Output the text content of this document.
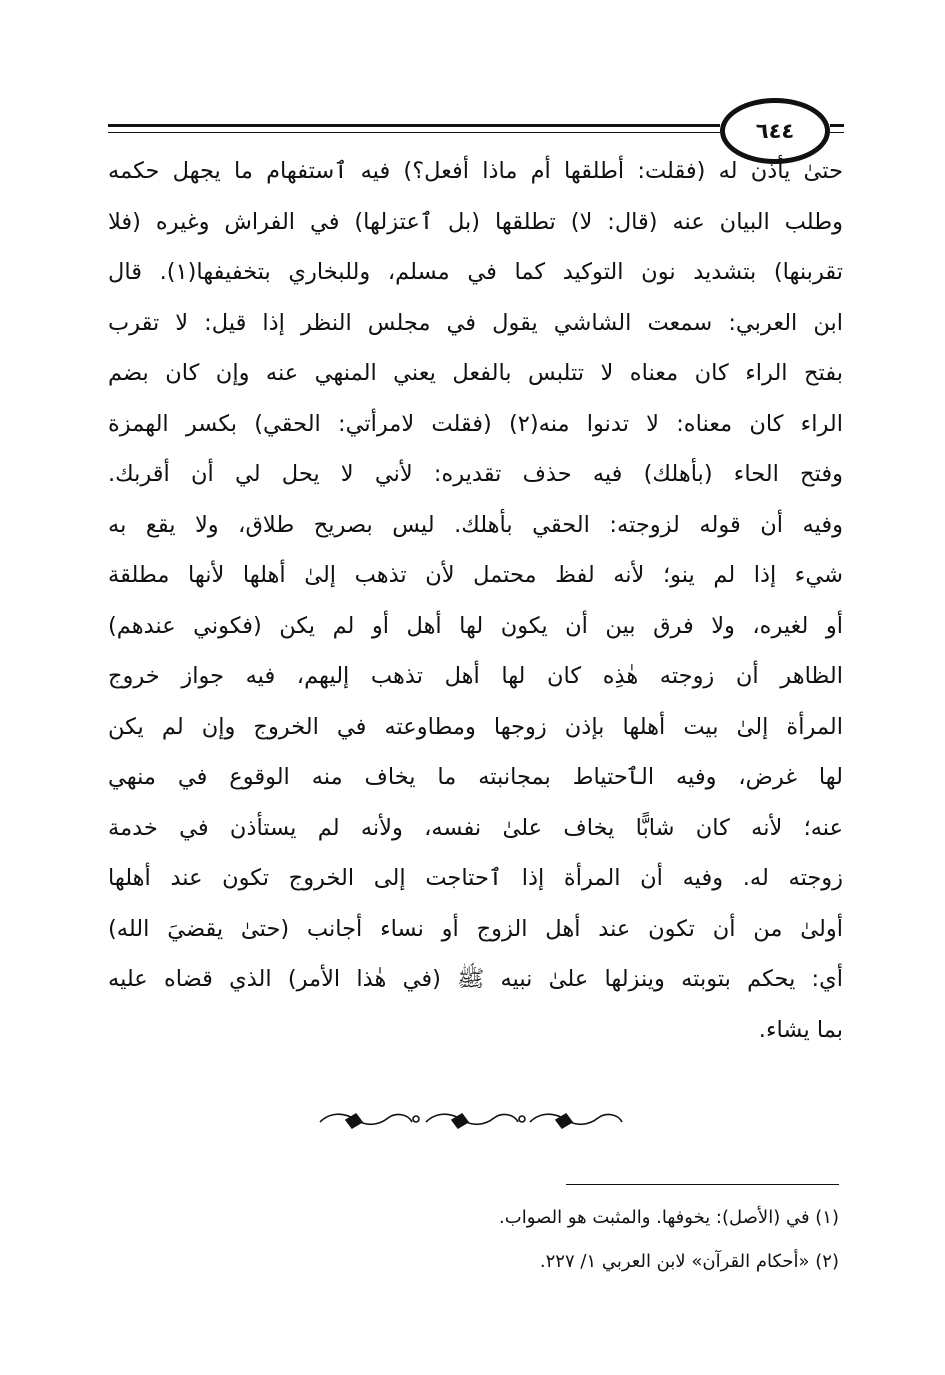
٦٤٤
حتىٰ يأذن له (فقلت: أطلقها أم ماذا أفعل؟) فيه ٱستفهام ما يجهل حكمه
وطلب البيان عنه (قال: لا) تطلقها (بل ٱعتزلها) في الفراش وغيره (فلا
تقربنها) بتشديد نون التوكيد كما في مسلم، وللبخاري بتخفيفها(١). قال
ابن العربي: سمعت الشاشي يقول في مجلس النظر إذا قيل: لا تقرب
بفتح الراء كان معناه لا تتلبس بالفعل يعني المنهي عنه وإن كان بضم
الراء كان معناه: لا تدنوا منه(٢) (فقلت لامرأتي: الحقي) بكسر الهمزة
وفتح الحاء (بأهلك) فيه حذف تقديره: لأني لا يحل لي أن أقربك.
وفيه أن قوله لزوجته: الحقي بأهلك. ليس بصريح طلاق، ولا يقع به
شيء إذا لم ينو؛ لأنه لفظ محتمل لأن تذهب إلىٰ أهلها لأنها مطلقة
أو لغيره، ولا فرق بين أن يكون لها أهل أو لم يكن (فكوني عندهم)
الظاهر أن زوجته هٰذِه كان لها أهل تذهب إليهم، فيه جواز خروج
المرأة إلىٰ بيت أهلها بإذن زوجها ومطاوعته في الخروج وإن لم يكن
لها غرض، وفيه الٱحتياط بمجانبته ما يخاف منه الوقوع في منهي
عنه؛ لأنه كان شابًّا يخاف علىٰ نفسه، ولأنه لم يستأذن في خدمة
زوجته له. وفيه أن المرأة إذا ٱحتاجت إلى الخروج تكون عند أهلها
أولىٰ من أن تكون عند أهل الزوج أو نساء أجانب (حتىٰ يقضيَ الله)
أي: يحكم بتوبته وينزلها علىٰ نبيه ﷺ (في هٰذا الأمر) الذي قضاه عليه
بما يشاء.
(١) في (الأصل): يخوفها. والمثبت هو الصواب.
(٢) «أحكام القرآن» لابن العربي ١/ ٢٢٧.
